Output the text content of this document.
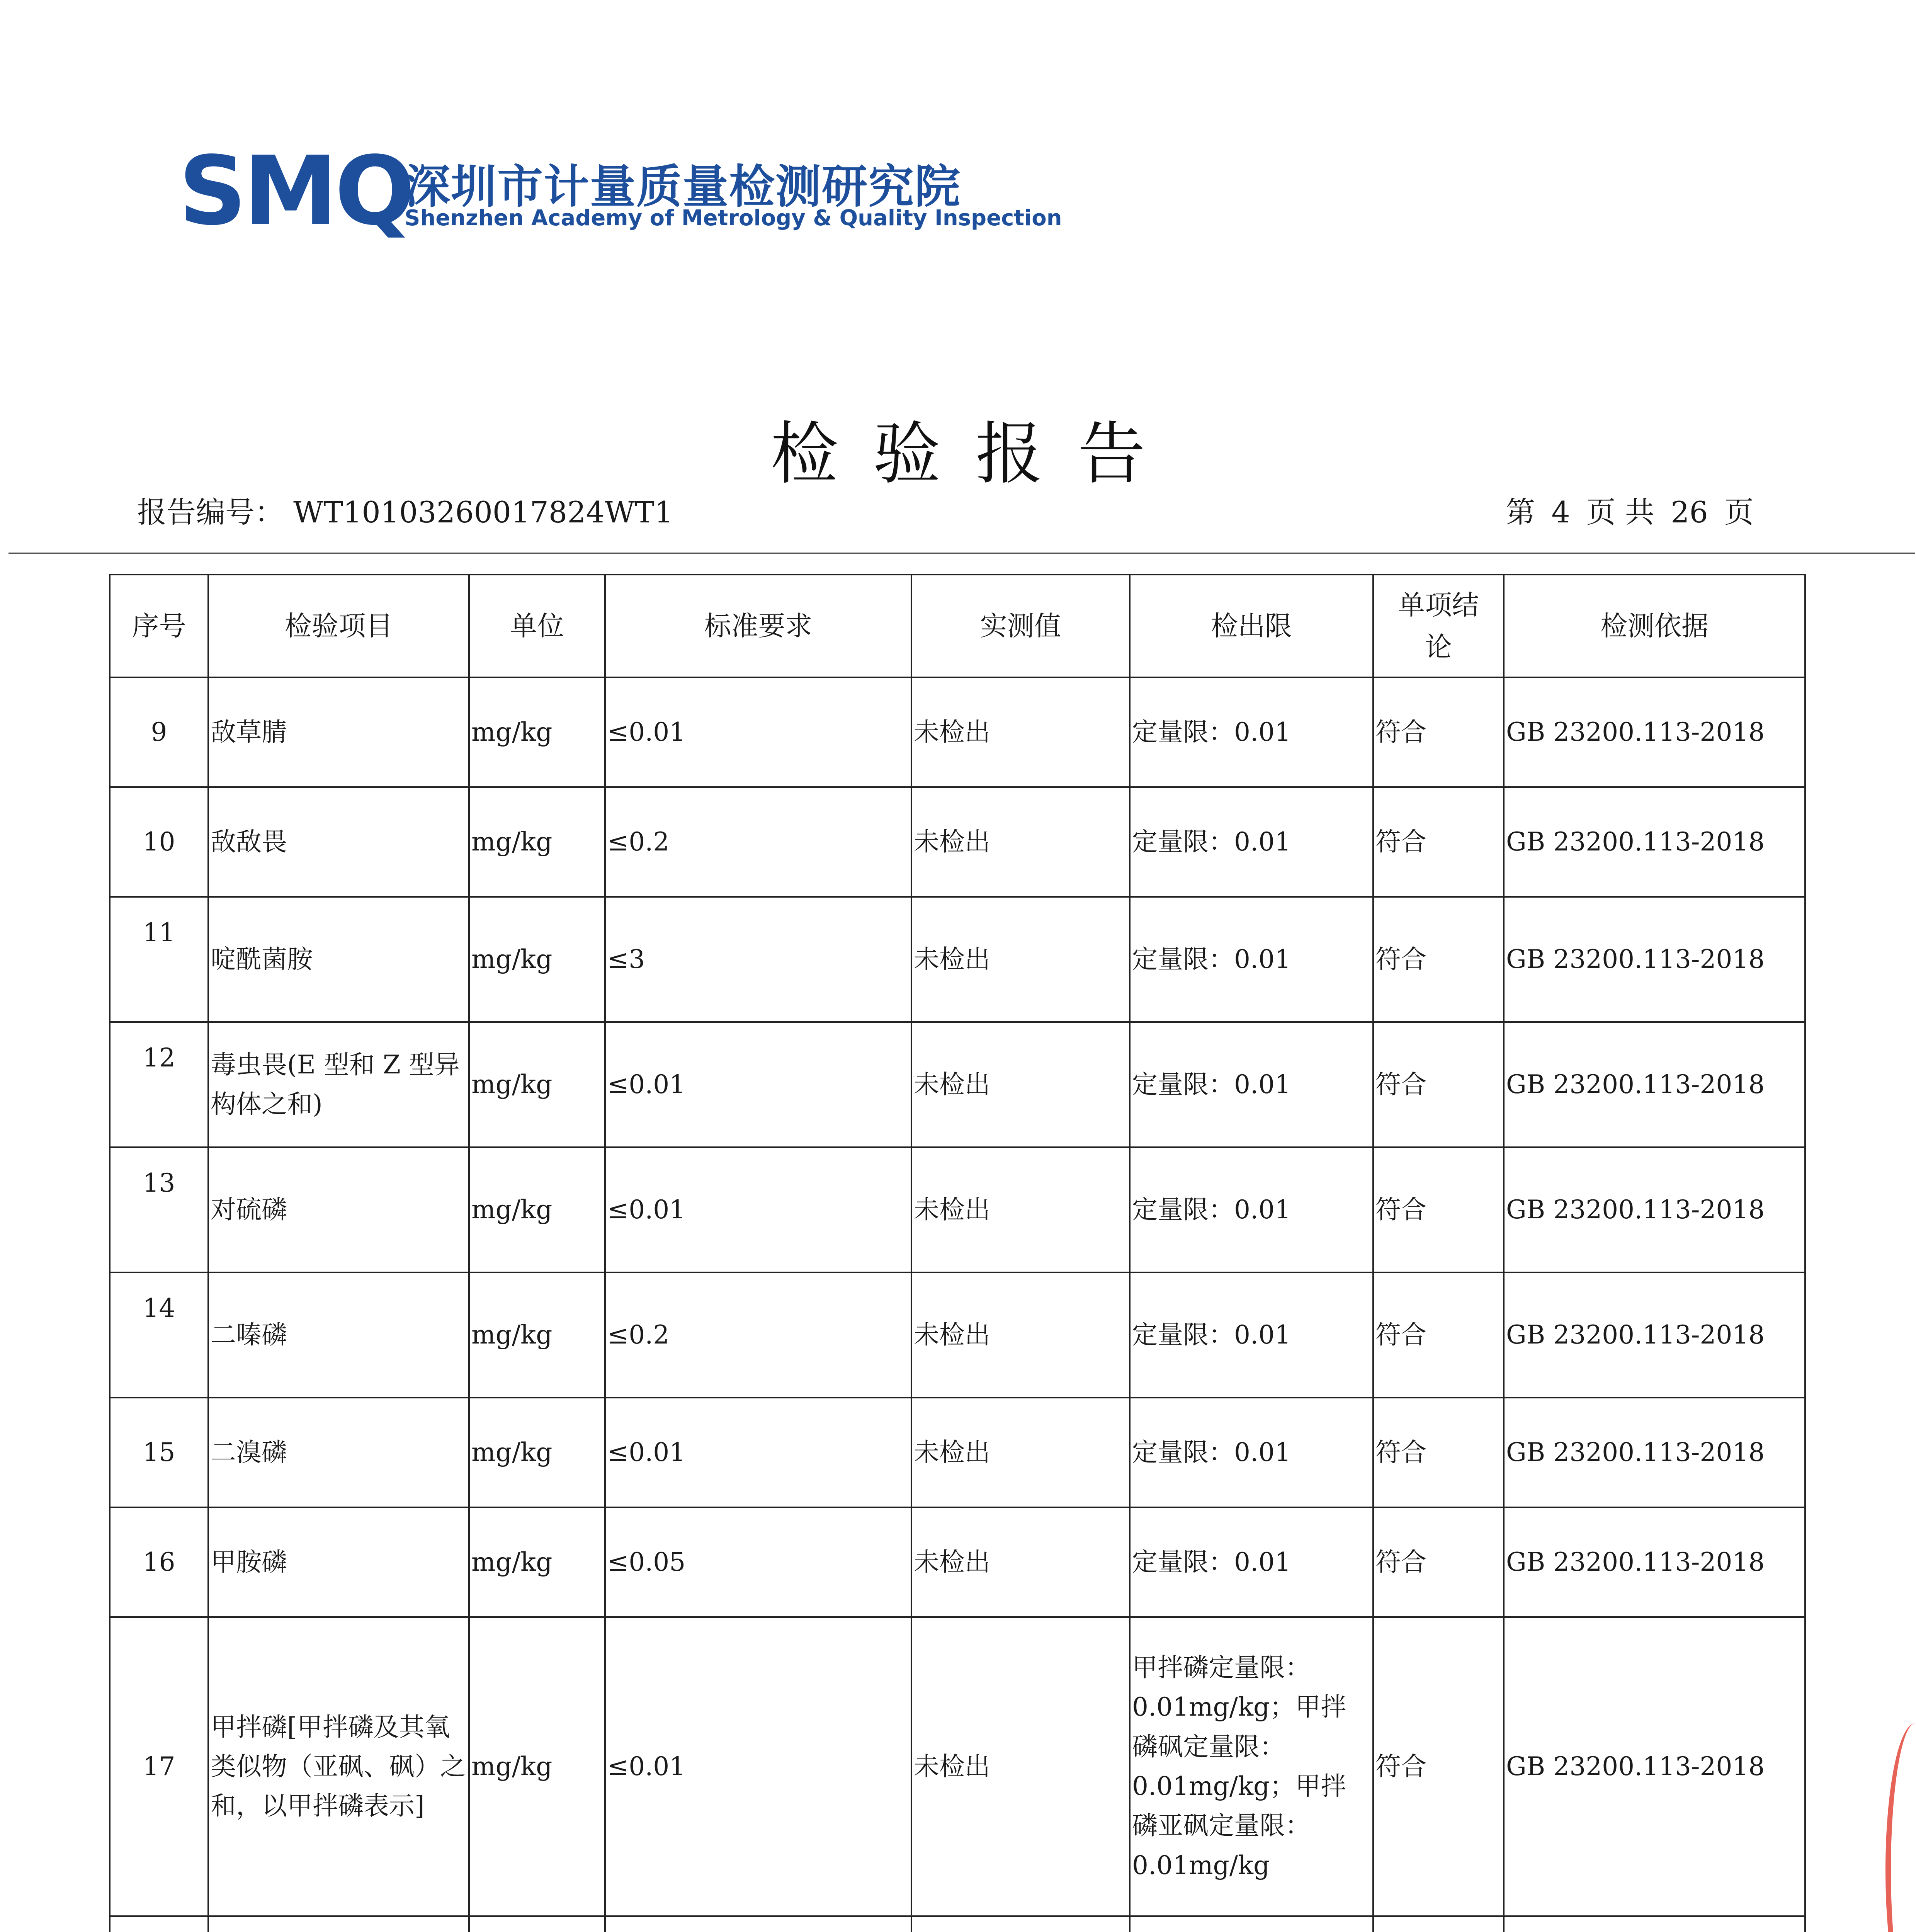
SMQ
深圳市计量质量检测研究院
Shenzhen Academy of Metrology & Quality Inspection
检验报告
报告编号： WT10103260017824WT1	第 4 页 共 26 页
序号	检验项目	单位	标准要求	实测值	检出限	单项结论	检测依据
9	敌草腈	mg/kg	≤0.01	未检出	定量限：0.01	符合	GB 23200.113-2018
10	敌敌畏	mg/kg	≤0.2	未检出	定量限：0.01	符合	GB 23200.113-2018
11	啶酰菌胺	mg/kg	≤3	未检出	定量限：0.01	符合	GB 23200.113-2018
12	毒虫畏(E 型和 Z 型异构体之和)	mg/kg	≤0.01	未检出	定量限：0.01	符合	GB 23200.113-2018
13	对硫磷	mg/kg	≤0.01	未检出	定量限：0.01	符合	GB 23200.113-2018
14	二嗪磷	mg/kg	≤0.2	未检出	定量限：0.01	符合	GB 23200.113-2018
15	二溴磷	mg/kg	≤0.01	未检出	定量限：0.01	符合	GB 23200.113-2018
16	甲胺磷	mg/kg	≤0.05	未检出	定量限：0.01	符合	GB 23200.113-2018
17	甲拌磷[甲拌磷及其氧类似物（亚砜、砜）之和，以甲拌磷表示]	mg/kg	≤0.01	未检出	甲拌磷定量限：0.01mg/kg；甲拌磷砜定量限：0.01mg/kg；甲拌磷亚砜定量限：0.01mg/kg	符合	GB 23200.113-2018
